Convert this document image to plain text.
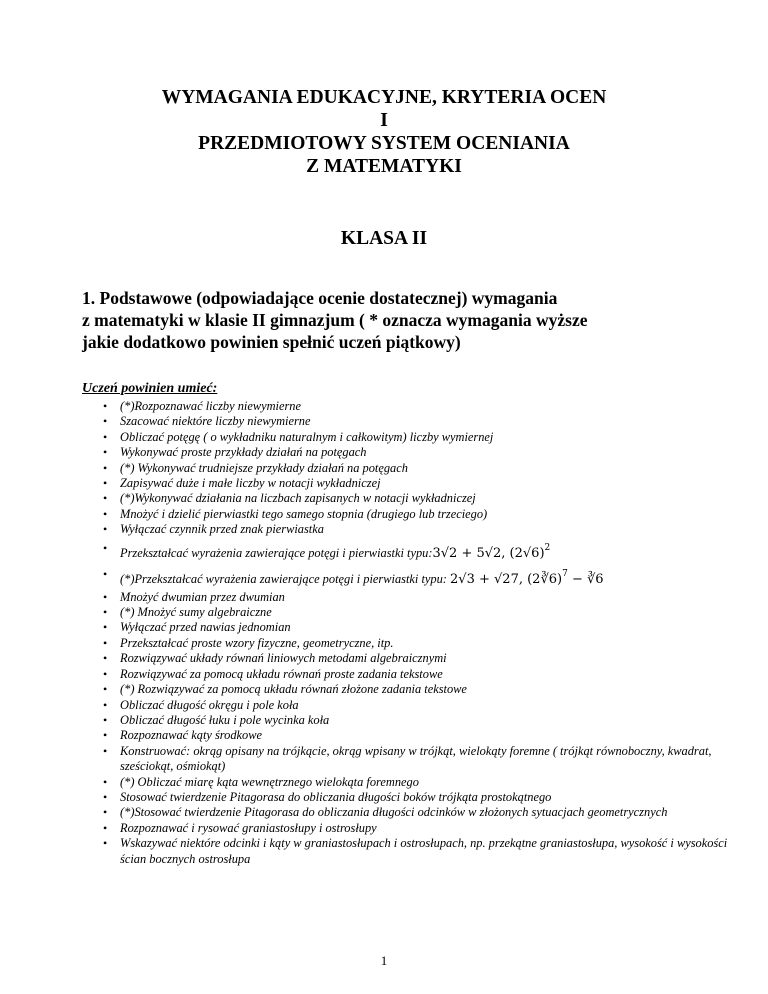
WYMAGANIA EDUKACYJNE, KRYTERIA OCEN
I
PRZEDMIOTOWY SYSTEM OCENIANIA
Z MATEMATYKI
KLASA II
1. Podstawowe (odpowiadające ocenie dostatecznej) wymagania
z matematyki w klasie II gimnazjum ( * oznacza wymagania wyższe
jakie dodatkowo powinien spełnić uczeń piątkowy)
Uczeń powinien umieć:
• (*)Rozpoznawać liczby niewymierne
• Szacować niektóre liczby niewymierne
• Obliczać potęgę ( o wykładniku naturalnym i całkowitym) liczby wymiernej
• Wykonywać proste przykłady działań na potęgach
• (*) Wykonywać trudniejsze przykłady działań na potęgach
• Zapisywać duże i małe liczby w notacji wykładniczej
• (*)Wykonywać działania na liczbach zapisanych w notacji wykładniczej
• Mnożyć i dzielić pierwiastki tego samego stopnia (drugiego lub trzeciego)
• Wyłączać czynnik przed znak pierwiastka
• Przekształcać wyrażenia zawierające potęgi i pierwiastki typu:3√2 + 5√2, $(2√6)^2$
• (*)Przekształcać wyrażenia zawierające potęgi i pierwiastki typu: 2√3 + √27, (2∛6)$^7$ − ∛6
• Mnożyć dwumian przez dwumian
• (*) Mnożyć sumy algebraiczne
• Wyłączać przed nawias jednomian
• Przekształcać proste wzory fizyczne, geometryczne, itp.
• Rozwiązywać układy równań liniowych metodami algebraicznymi
• Rozwiązywać za pomocą układu równań proste zadania tekstowe
• (*) Rozwiązywać za pomocą układu równań złożone zadania tekstowe
• Obliczać długość okręgu i pole koła
• Obliczać długość łuku i pole wycinka koła
• Rozpoznawać kąty środkowe
• Konstruować: okrąg opisany na trójkącie, okrąg wpisany w trójkąt, wielokąty foremne ( trójkąt równoboczny, kwadrat, sześciokąt, ośmiokąt)
• (*) Obliczać miarę kąta wewnętrznego wielokąta foremnego
• Stosować twierdzenie Pitagorasa do obliczania długości boków trójkąta prostokątnego
• (*)Stosować twierdzenie Pitagorasa do obliczania długości odcinków w złożonych sytuacjach geometrycznych
• Rozpoznawać i rysować graniastosłupy i ostrosłupy
• Wskazywać niektóre odcinki i kąty w graniastosłupach i ostrosłupach, np. przekątne graniastosłupa, wysokość i wysokości ścian bocznych ostrosłupa
1
